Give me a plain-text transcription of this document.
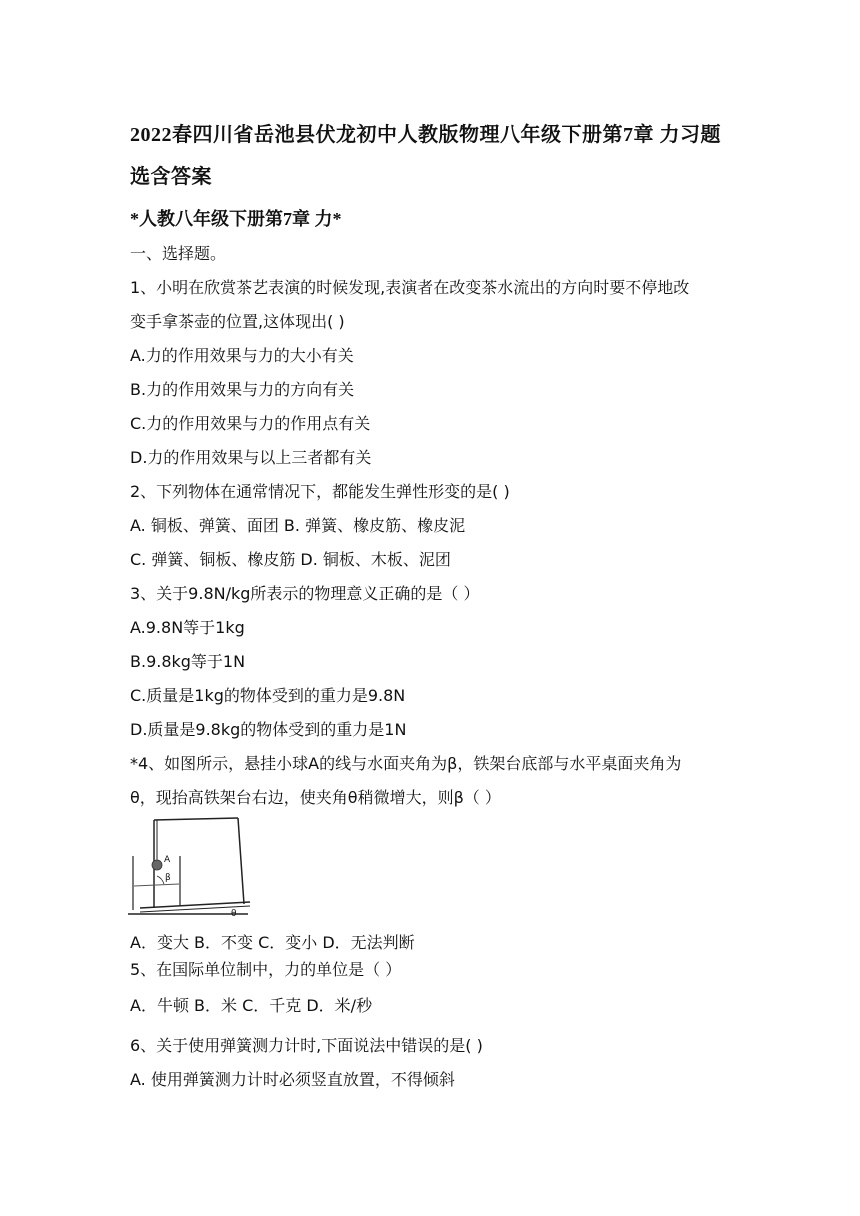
2022春四川省岳池县伏龙初中人教版物理八年级下册第7章 力习题
选含答案
*人教八年级下册第7章 力*
一、选择题。
1、小明在欣赏茶艺表演的时候发现,表演者在改变茶水流出的方向时要不停地改
变手拿茶壶的位置,这体现出( )
A.力的作用效果与力的大小有关
B.力的作用效果与力的方向有关
C.力的作用效果与力的作用点有关
D.力的作用效果与以上三者都有关
2、下列物体在通常情况下，都能发生弹性形变的是( )
A. 铜板、弹簧、面团 B. 弹簧、橡皮筋、橡皮泥
C. 弹簧、铜板、橡皮筋 D. 铜板、木板、泥团
3、关于9.8N/kg所表示的物理意义正确的是（ ）
A.9.8N等于1kg
B.9.8kg等于1N
C.质量是1kg的物体受到的重力是9.8N
D.质量是9.8kg的物体受到的重力是1N
*4、如图所示，悬挂小球A的线与水面夹角为β，铁架台底部与水平桌面夹角为
θ，现抬高铁架台右边，使夹角θ稍微增大，则β（ ）
A
β
θ
A．变大 B．不变 C．变小 D．无法判断
5、在国际单位制中，力的单位是（ ）
A．牛顿 B．米 C．千克 D．米/秒
6、关于使用弹簧测力计时,下面说法中错误的是( )
A. 使用弹簧测力计时必须竖直放置，不得倾斜
